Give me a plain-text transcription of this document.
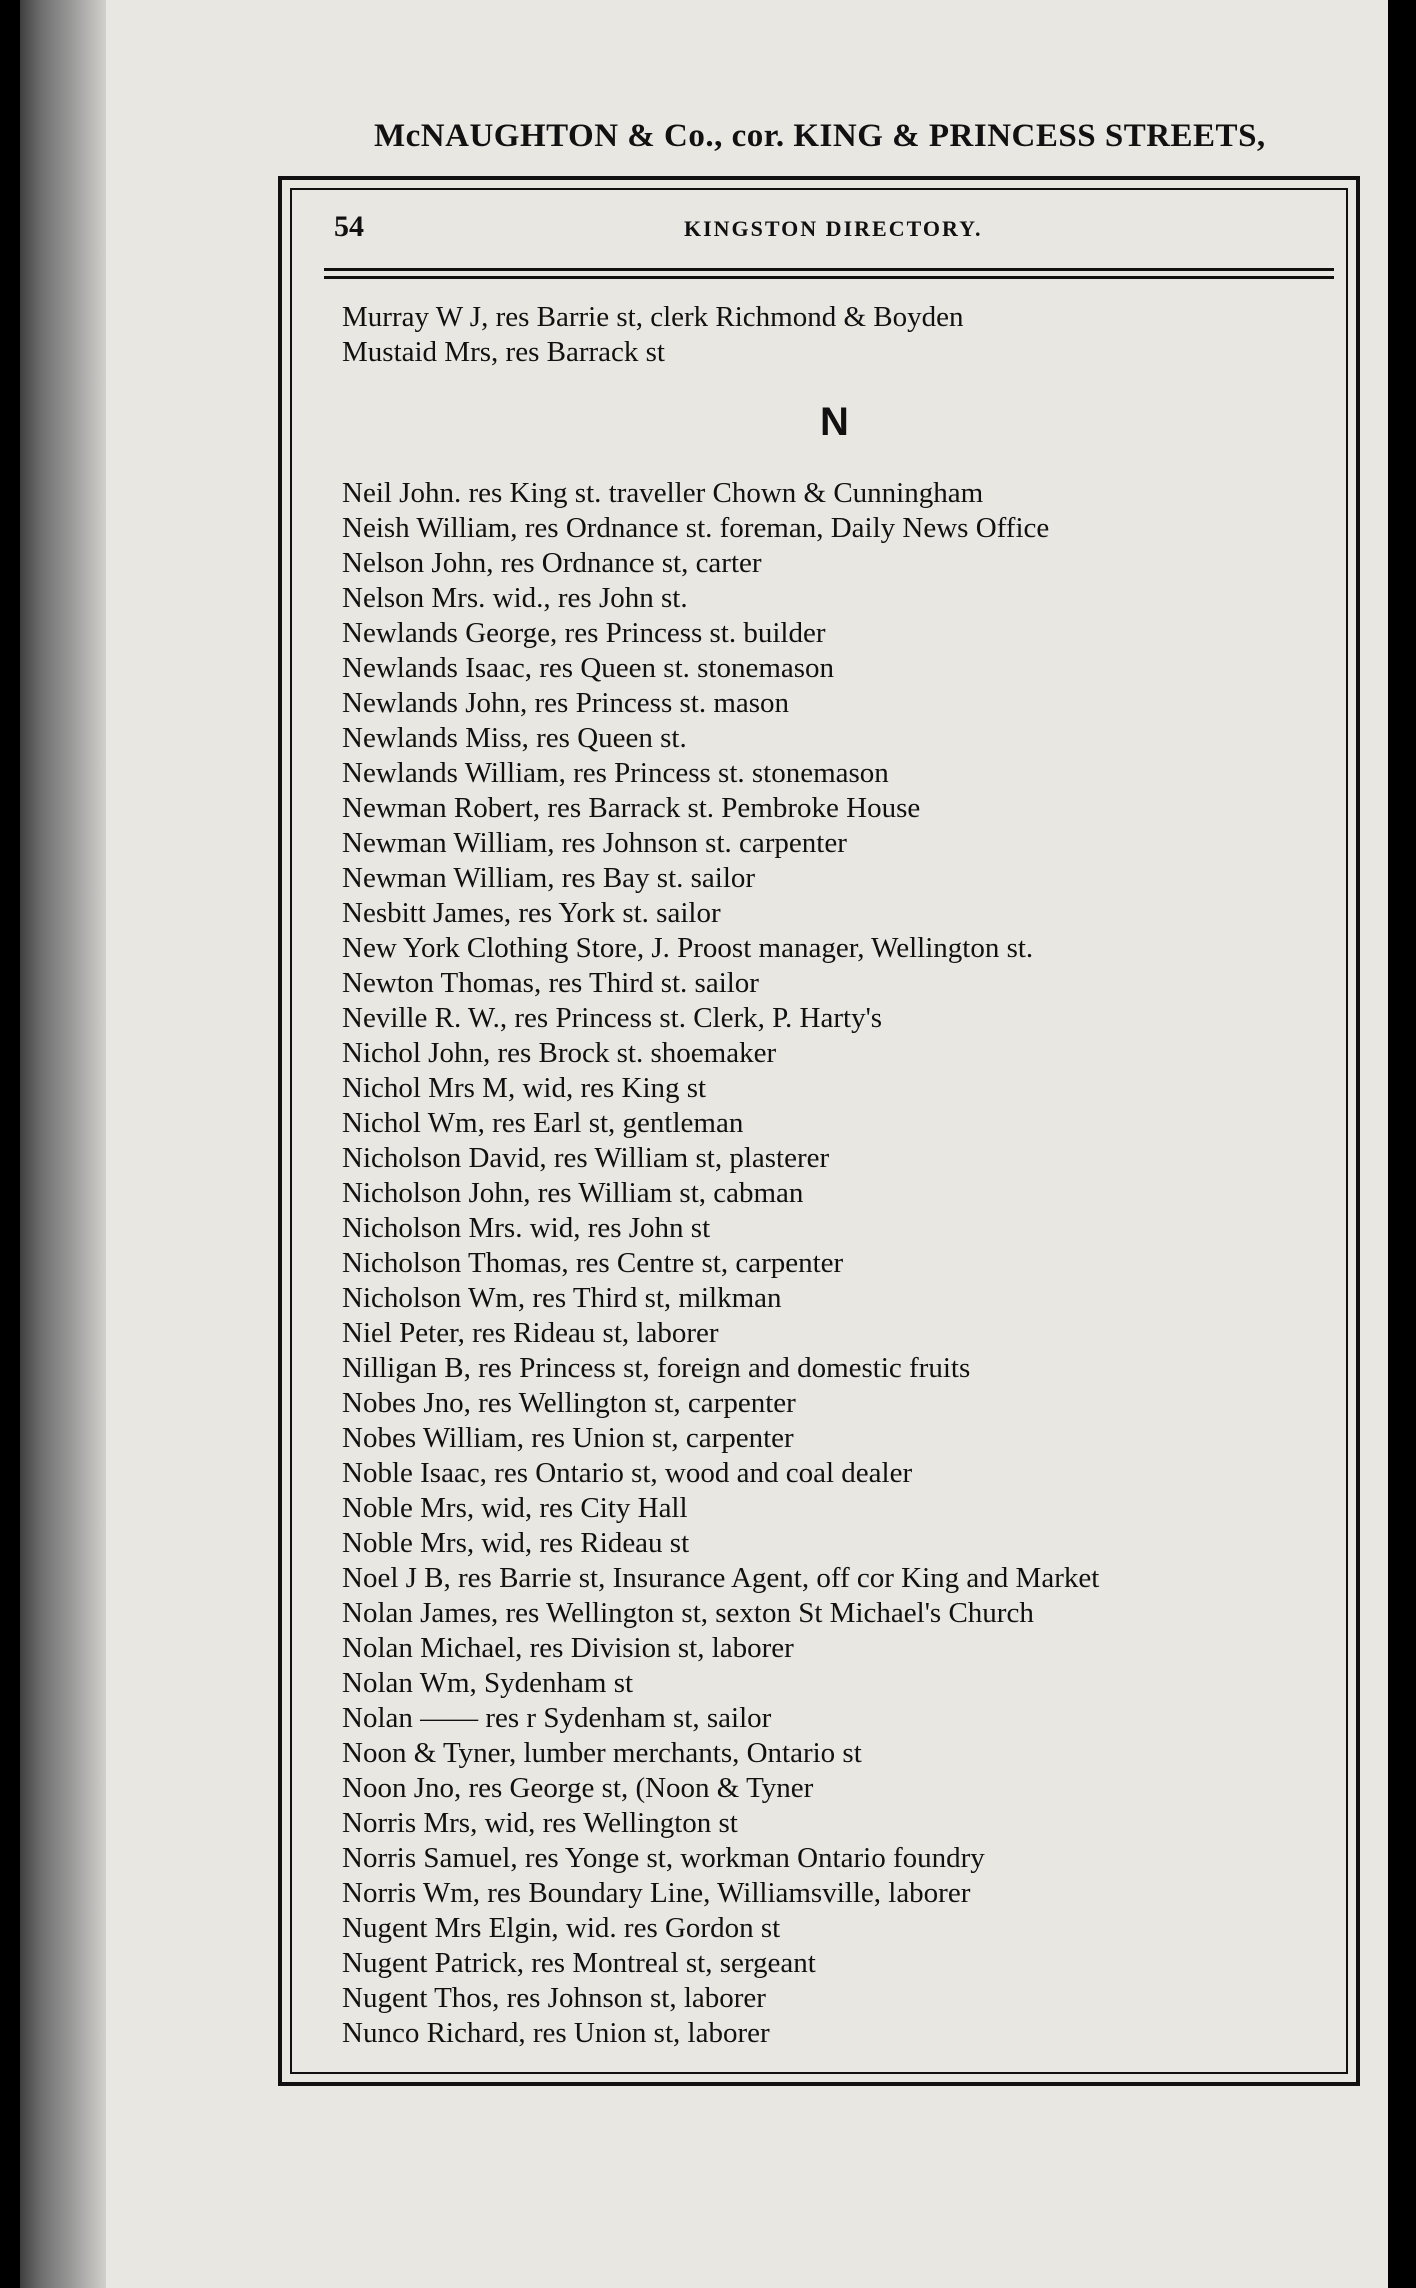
McNAUGHTON & Co., cor. KING & PRINCESS STREETS,
54	KINGSTON DIRECTORY.
Murray W J, res Barrie st, clerk Richmond & Boyden
Mustaid Mrs, res Barrack st
N
Neil John. res King st. traveller Chown & Cunningham
Neish William, res Ordnance st. foreman, Daily News Office
Nelson John, res Ordnance st, carter
Nelson Mrs. wid., res John st.
Newlands George, res Princess st. builder
Newlands Isaac, res Queen st. stonemason
Newlands John, res Princess st. mason
Newlands Miss, res Queen st.
Newlands William, res Princess st. stonemason
Newman Robert, res Barrack st. Pembroke House
Newman William, res Johnson st. carpenter
Newman William, res Bay st. sailor
Nesbitt James, res York st. sailor
New York Clothing Store, J. Proost manager, Wellington st.
Newton Thomas, res Third st. sailor
Neville R. W., res Princess st. Clerk, P. Harty's
Nichol John, res Brock st. shoemaker
Nichol Mrs M, wid, res King st
Nichol Wm, res Earl st, gentleman
Nicholson David, res William st, plasterer
Nicholson John, res William st, cabman
Nicholson Mrs. wid, res John st
Nicholson Thomas, res Centre st, carpenter
Nicholson Wm, res Third st, milkman
Niel Peter, res Rideau st, laborer
Nilligan B, res Princess st, foreign and domestic fruits
Nobes Jno, res Wellington st, carpenter
Nobes William, res Union st, carpenter
Noble Isaac, res Ontario st, wood and coal dealer
Noble Mrs, wid, res City Hall
Noble Mrs, wid, res Rideau st
Noel J B, res Barrie st, Insurance Agent, off cor King and Market
Nolan James, res Wellington st, sexton St Michael's Church
Nolan Michael, res Division st, laborer
Nolan Wm, Sydenham st
Nolan —— res r Sydenham st, sailor
Noon & Tyner, lumber merchants, Ontario st
Noon Jno, res George st, (Noon & Tyner
Norris Mrs, wid, res Wellington st
Norris Samuel, res Yonge st, workman Ontario foundry
Norris Wm, res Boundary Line, Williamsville, laborer
Nugent Mrs Elgin, wid. res Gordon st
Nugent Patrick, res Montreal st, sergeant
Nugent Thos, res Johnson st, laborer
Nunco Richard, res Union st, laborer
